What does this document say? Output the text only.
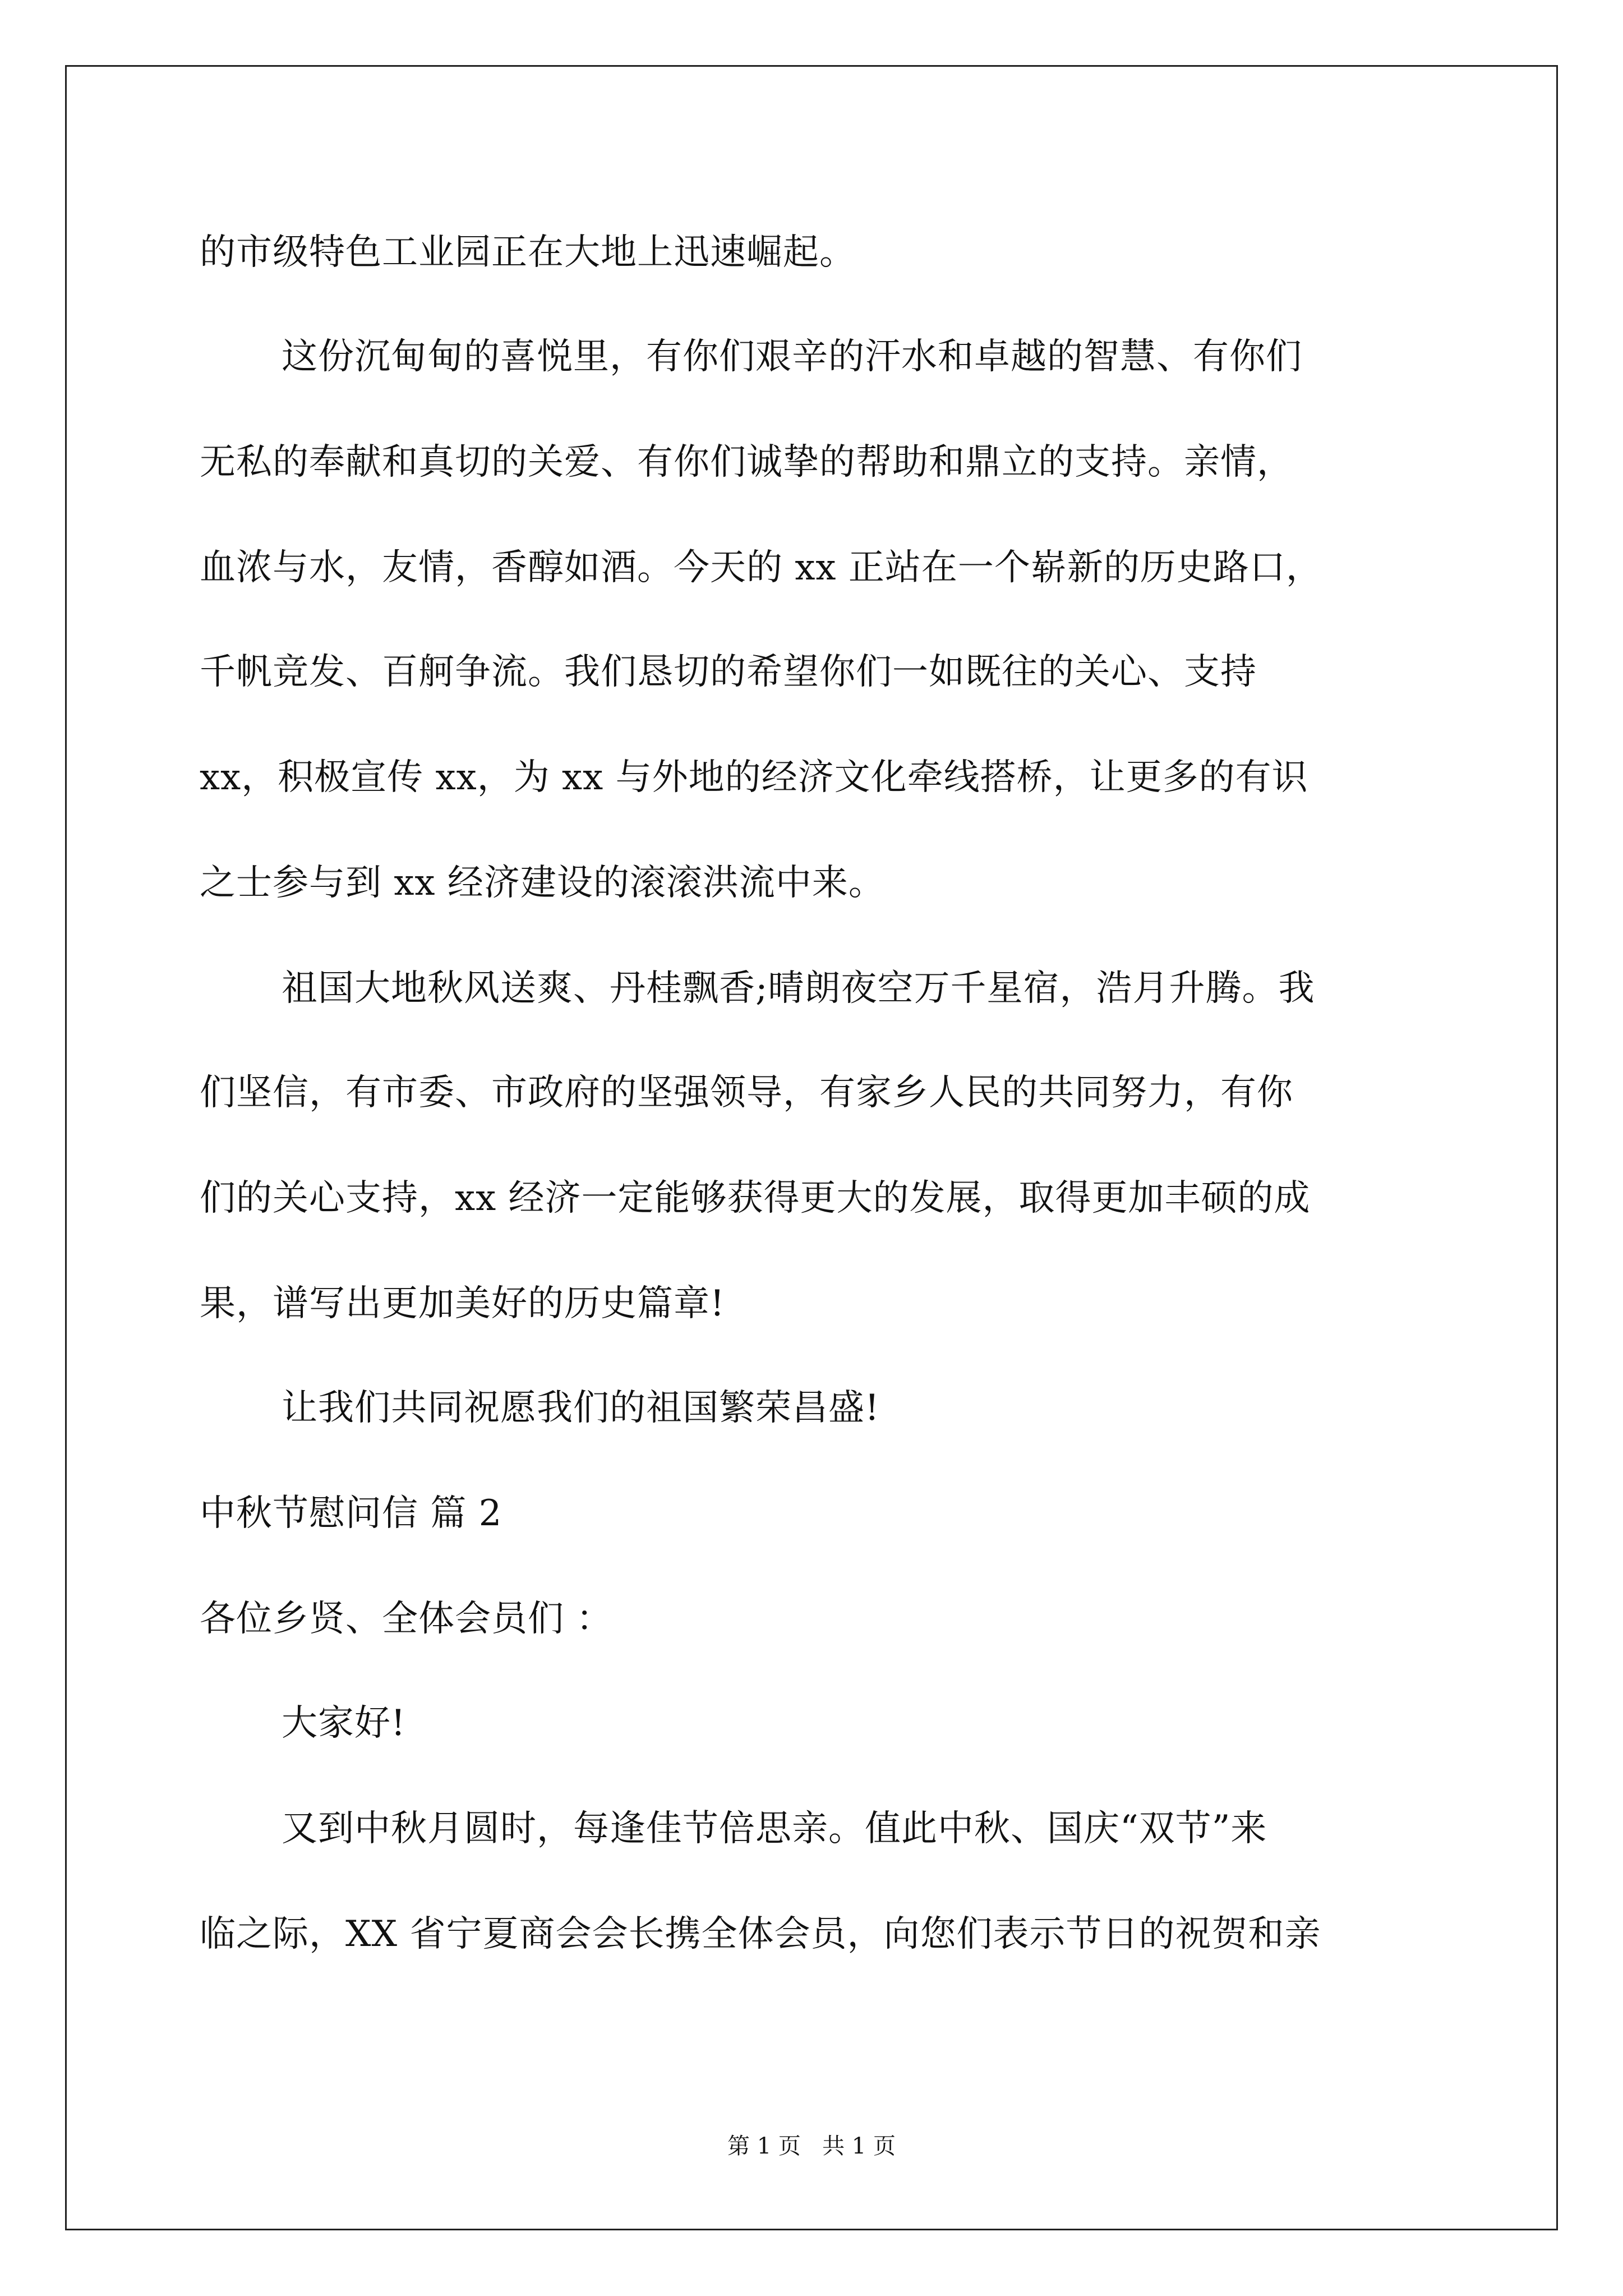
的市级特色工业园正在大地上迅速崛起。
这份沉甸甸的喜悦里，有你们艰辛的汗水和卓越的智慧、有你们
无私的奉献和真切的关爱、有你们诚挚的帮助和鼎立的支持。亲情，
血浓与水，友情，香醇如酒。今天的 xx 正站在一个崭新的历史路口，
千帆竞发、百舸争流。我们恳切的希望你们一如既往的关心、支持
xx，积极宣传 xx，为 xx 与外地的经济文化牵线搭桥，让更多的有识
之士参与到 xx 经济建设的滚滚洪流中来。
祖国大地秋风送爽、丹桂飘香;晴朗夜空万千星宿，浩月升腾。我
们坚信，有市委、市政府的坚强领导，有家乡人民的共同努力，有你
们的关心支持，xx 经济一定能够获得更大的发展，取得更加丰硕的成
果，谱写出更加美好的历史篇章!
让我们共同祝愿我们的祖国繁荣昌盛!
中秋节慰问信 篇 2
各位乡贤、全体会员们 ：
大家好!
又到中秋月圆时，每逢佳节倍思亲。值此中秋、国庆“双节”来
临之际，XX 省宁夏商会会长携全体会员，向您们表示节日的祝贺和亲
第 1 页   共 1 页
